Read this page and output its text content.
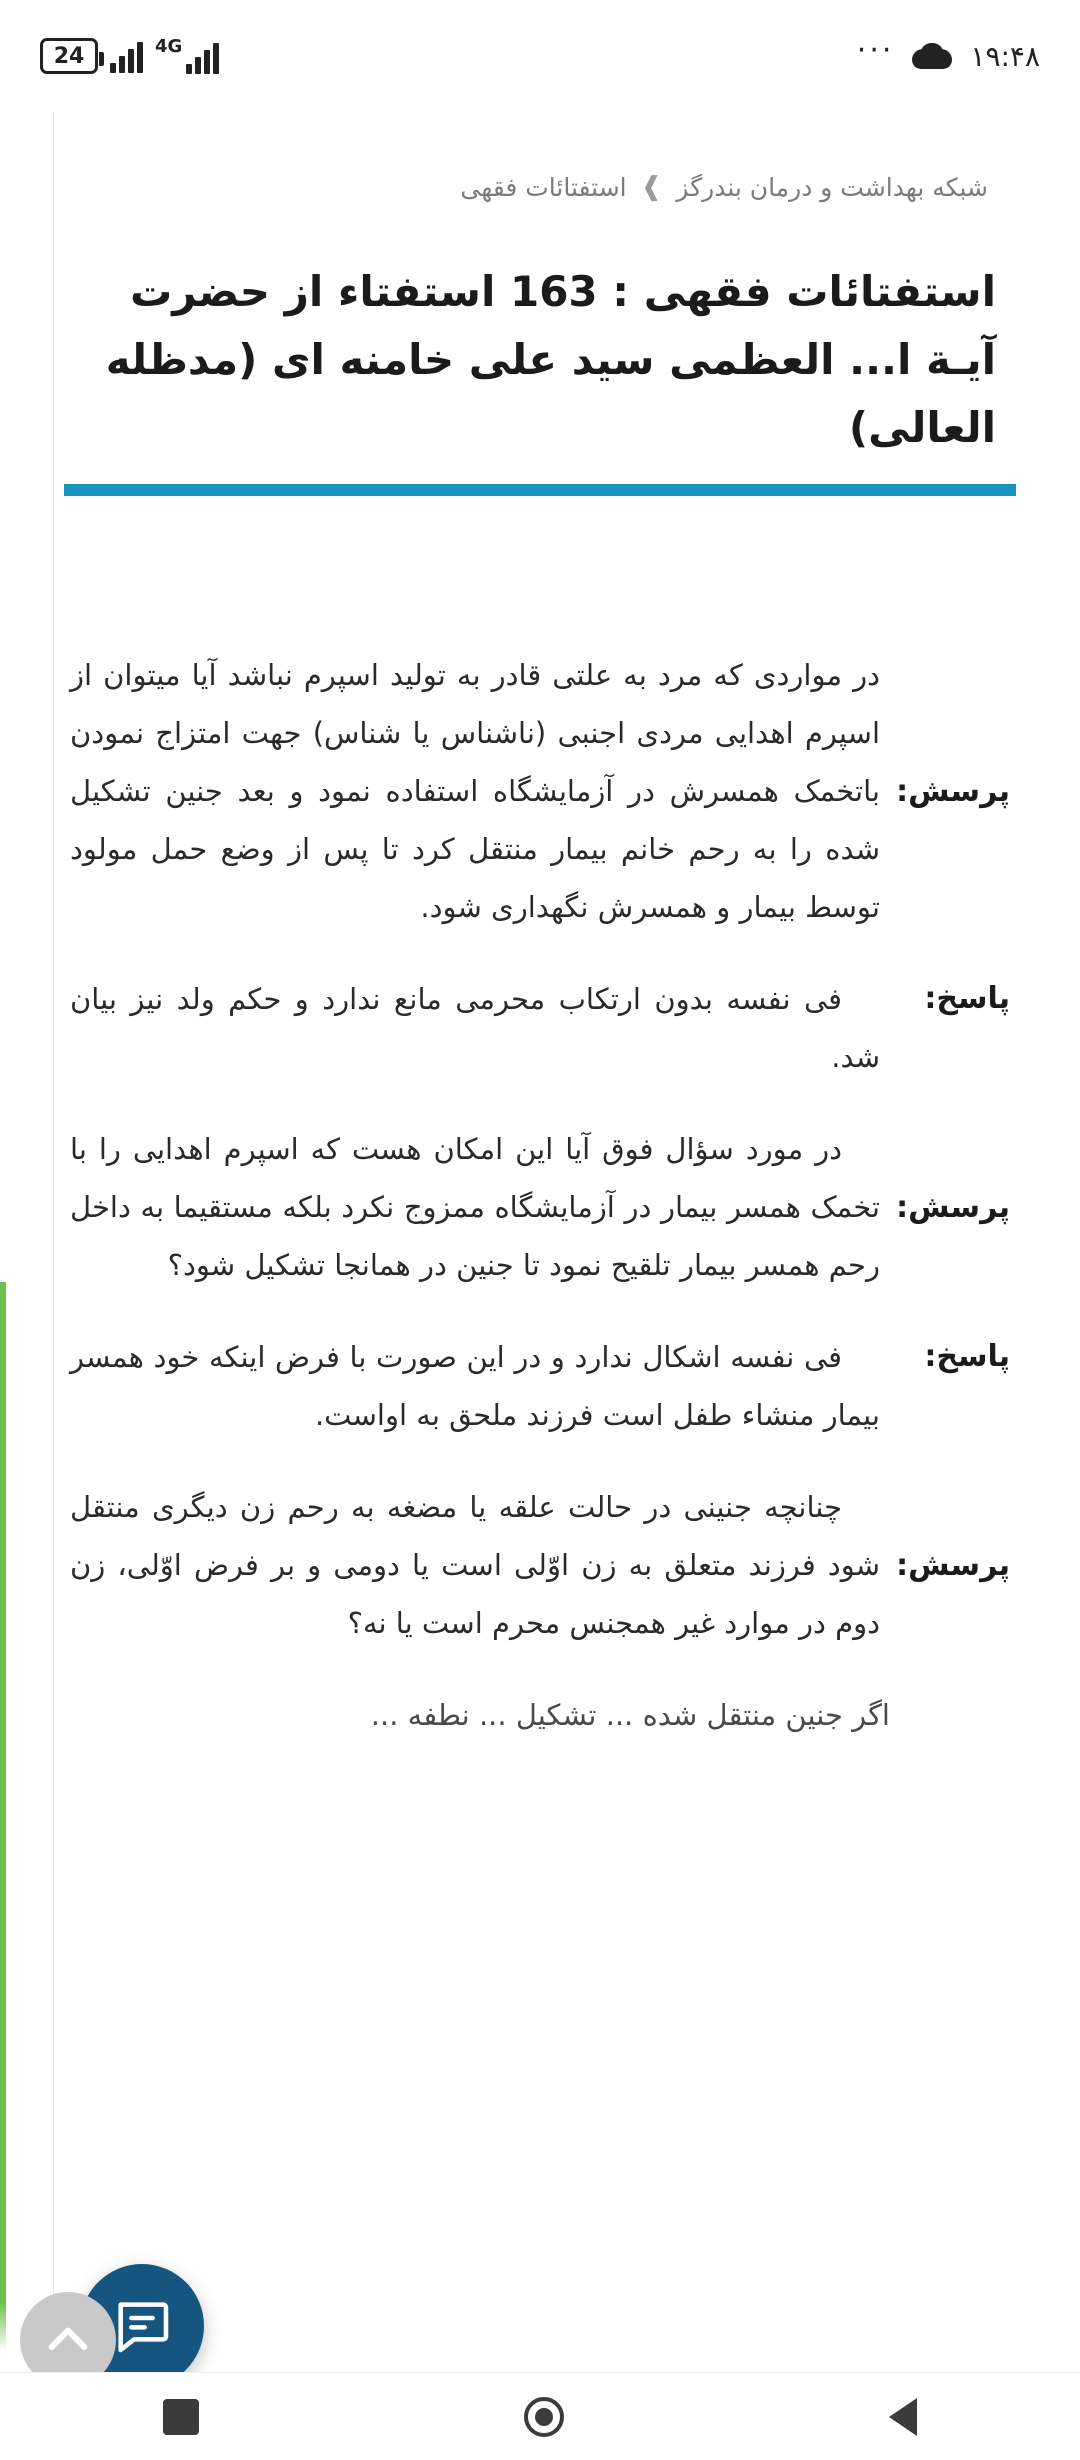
24	4G	···	۱۹:۴۸
شبکه بهداشت و درمان بندرگز
❱
استفتائات فقهی
استفتائات فقهی : 163 استفتاء از حضرت آیـة ا... العظمی سید علی خامنه ای (مدظله العالی)
پرسش:
در مواردی که مرد به علتی قادر به تولید اسپرم نباشد آیا میتوان از اسپرم اهدایی مردی اجنبی (ناشناس یا شناس) جهت امتزاج نمودن باتخمک همسرش در آزمایشگاه استفاده نمود و بعد جنین تشکیل شده را به رحم خانم بیمار منتقل کرد تا پس از وضع حمل مولود توسط بیمار و همسرش نگهداری شود.
پاسخ:
فی نفسه بدون ارتکاب محرمی مانع ندارد و حکم ولد نیز بیان شد.
پرسش:
در مورد سؤال فوق آیا این امکان هست که اسپرم اهدایی را با تخمک همسر بیمار در آزمایشگاه ممزوج نکرد بلکه مستقیما به داخل رحم همسر بیمار تلقیح نمود تا جنین در همانجا تشکیل شود؟
پاسخ:
فی نفسه اشکال ندارد و در این صورت با فرض اینکه خود همسر بیمار منشاء طفل است فرزند ملحق به اواست.
پرسش:
چنانچه جنینی در حالت علقه یا مضغه به رحم زن دیگری منتقل شود فرزند متعلق به زن اوّلی است یا دومی و بر فرض اوّلی، زن دوم در موارد غیر همجنس محرم است یا نه؟
اگر جنین منتقل شده ... تشکیل ... نطفه ...
